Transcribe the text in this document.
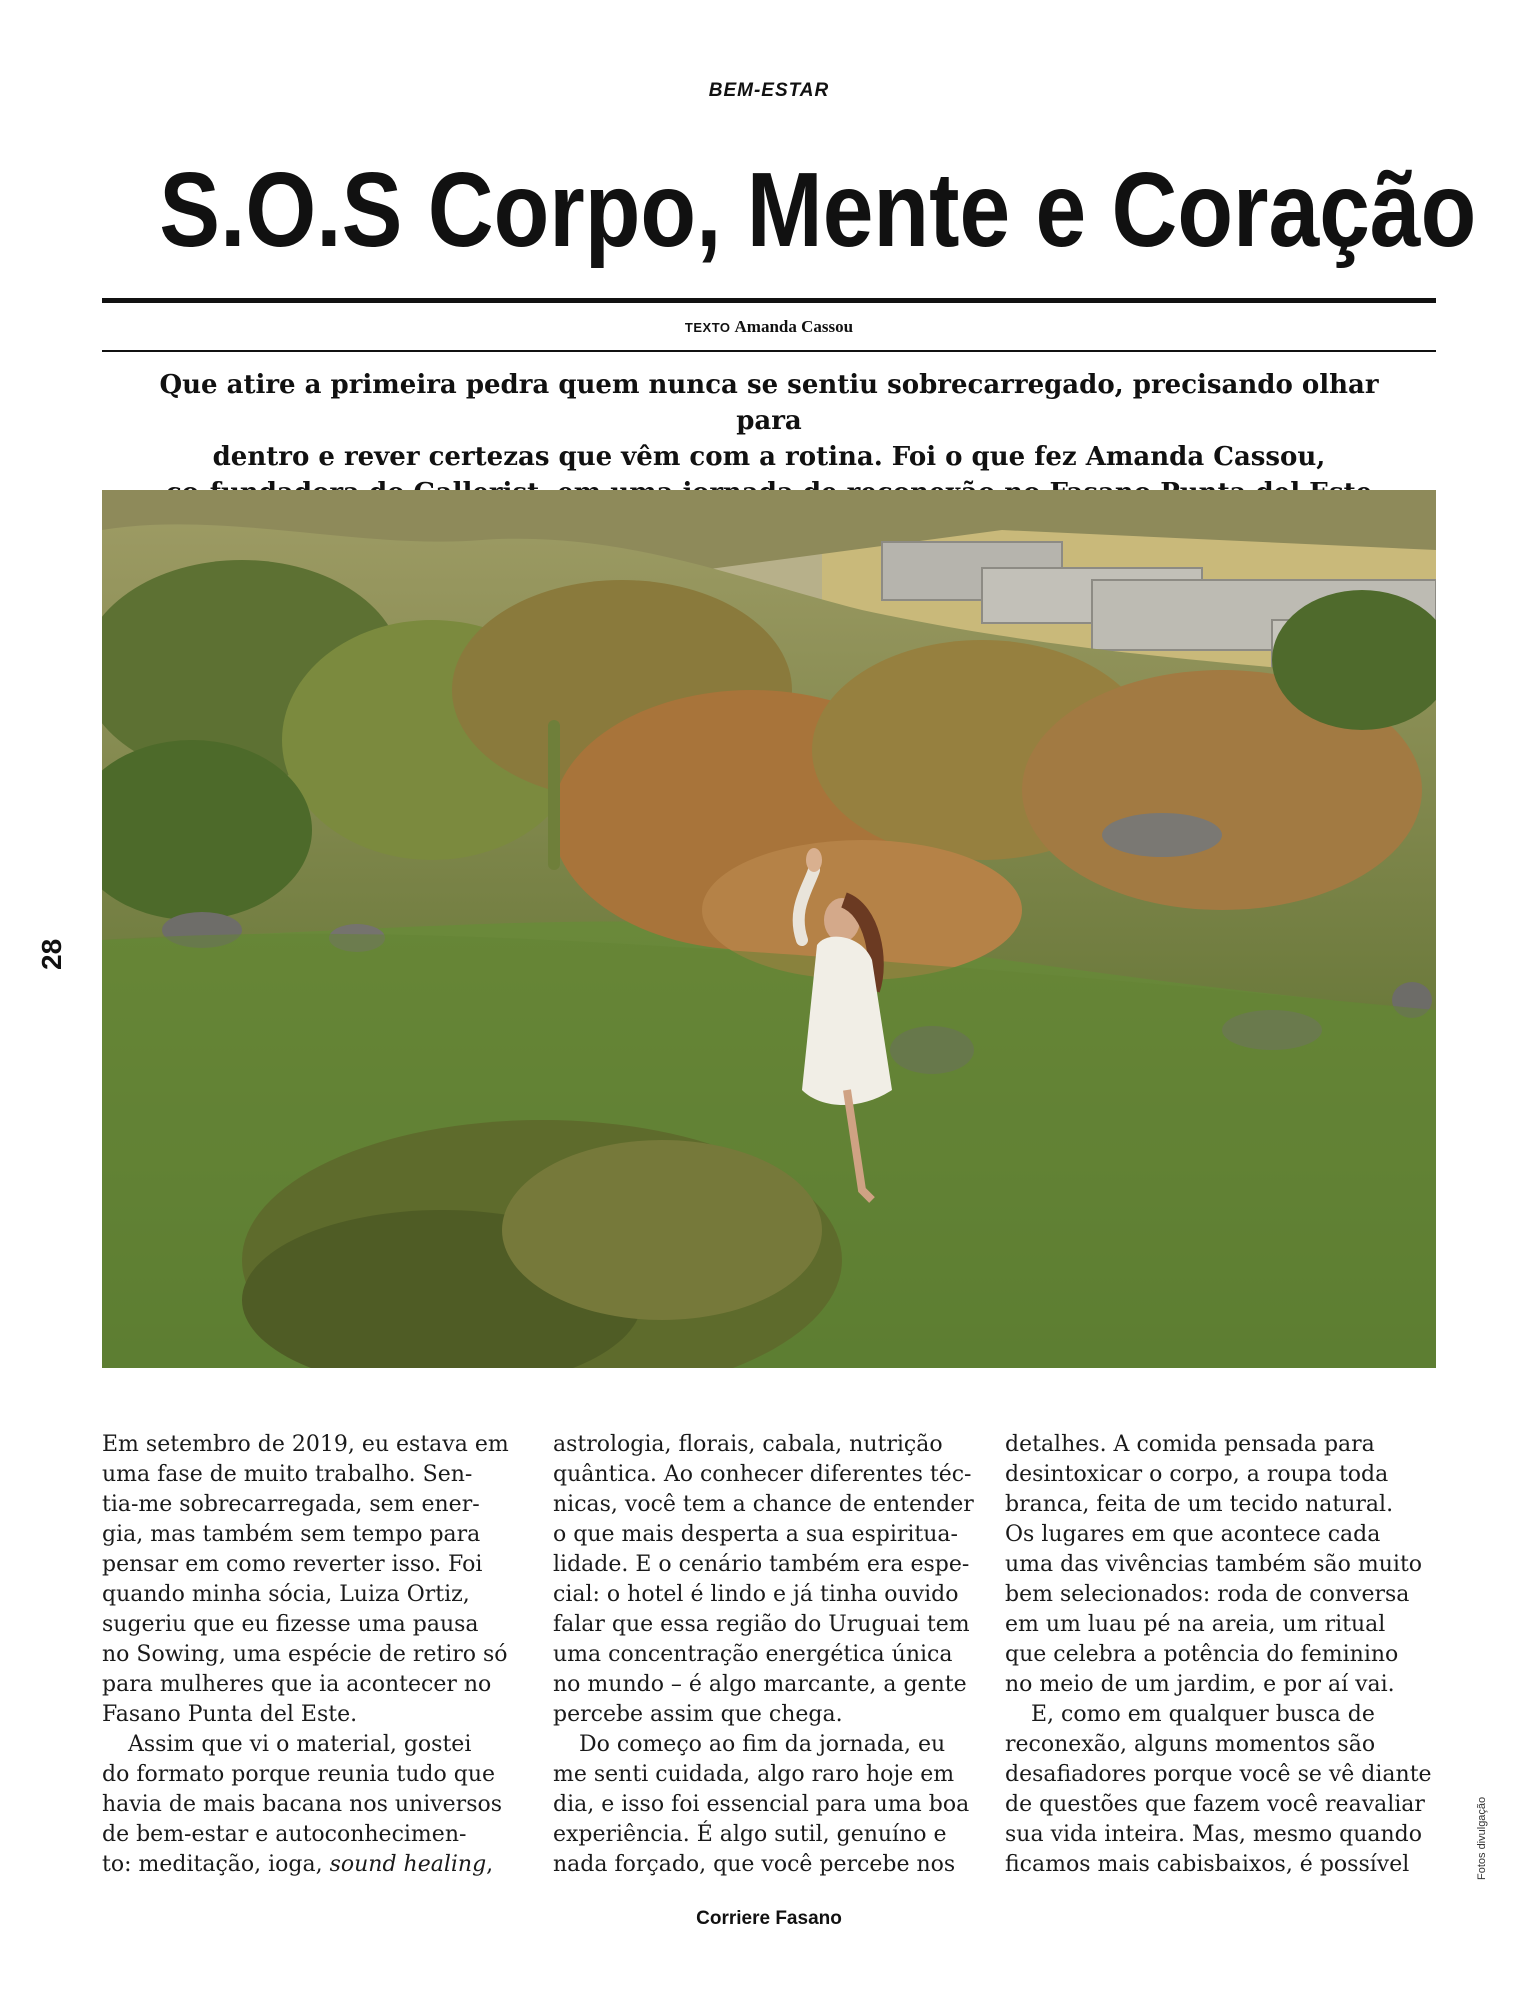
BEM-ESTAR
S.O.S Corpo, Mente e Coração
TEXTO Amanda Cassou
Que atire a primeira pedra quem nunca se sentiu sobrecarregado, precisando olhar para
dentro e rever certezas que vêm com a rotina. Foi o que fez Amanda Cassou,
28
Fotos divulgação
Em setembro de 2019, eu estava em
uma fase de muito trabalho. Sen-
tia-me sobrecarregada, sem ener-
gia, mas também sem tempo para
pensar em como reverter isso. Foi
quando minha sócia, Luiza Ortiz,
sugeriu que eu fizesse uma pausa
no Sowing, uma espécie de retiro só
para mulheres que ia acontecer no
Fasano Punta del Este.
Assim que vi o material, gostei
do formato porque reunia tudo que
havia de mais bacana nos universos
de bem-estar e autoconhecimen-
to: meditação, ioga, sound healing,
astrologia, florais, cabala, nutrição
quântica. Ao conhecer diferentes téc-
nicas, você tem a chance de entender
o que mais desperta a sua espiritua-
lidade. E o cenário também era espe-
cial: o hotel é lindo e já tinha ouvido
falar que essa região do Uruguai tem
uma concentração energética única
no mundo – é algo marcante, a gente
percebe assim que chega.
Do começo ao fim da jornada, eu
me senti cuidada, algo raro hoje em
dia, e isso foi essencial para uma boa
experiência. É algo sutil, genuíno e
nada forçado, que você percebe nos
detalhes. A comida pensada para
desintoxicar o corpo, a roupa toda
branca, feita de um tecido natural.
Os lugares em que acontece cada
uma das vivências também são muito
bem selecionados: roda de conversa
em um luau pé na areia, um ritual
que celebra a potência do feminino
no meio de um jardim, e por aí vai.
E, como em qualquer busca de
reconexão, alguns momentos são
desafiadores porque você se vê diante
de questões que fazem você reavaliar
sua vida inteira. Mas, mesmo quando
ficamos mais cabisbaixos, é possível
Corriere Fasano
